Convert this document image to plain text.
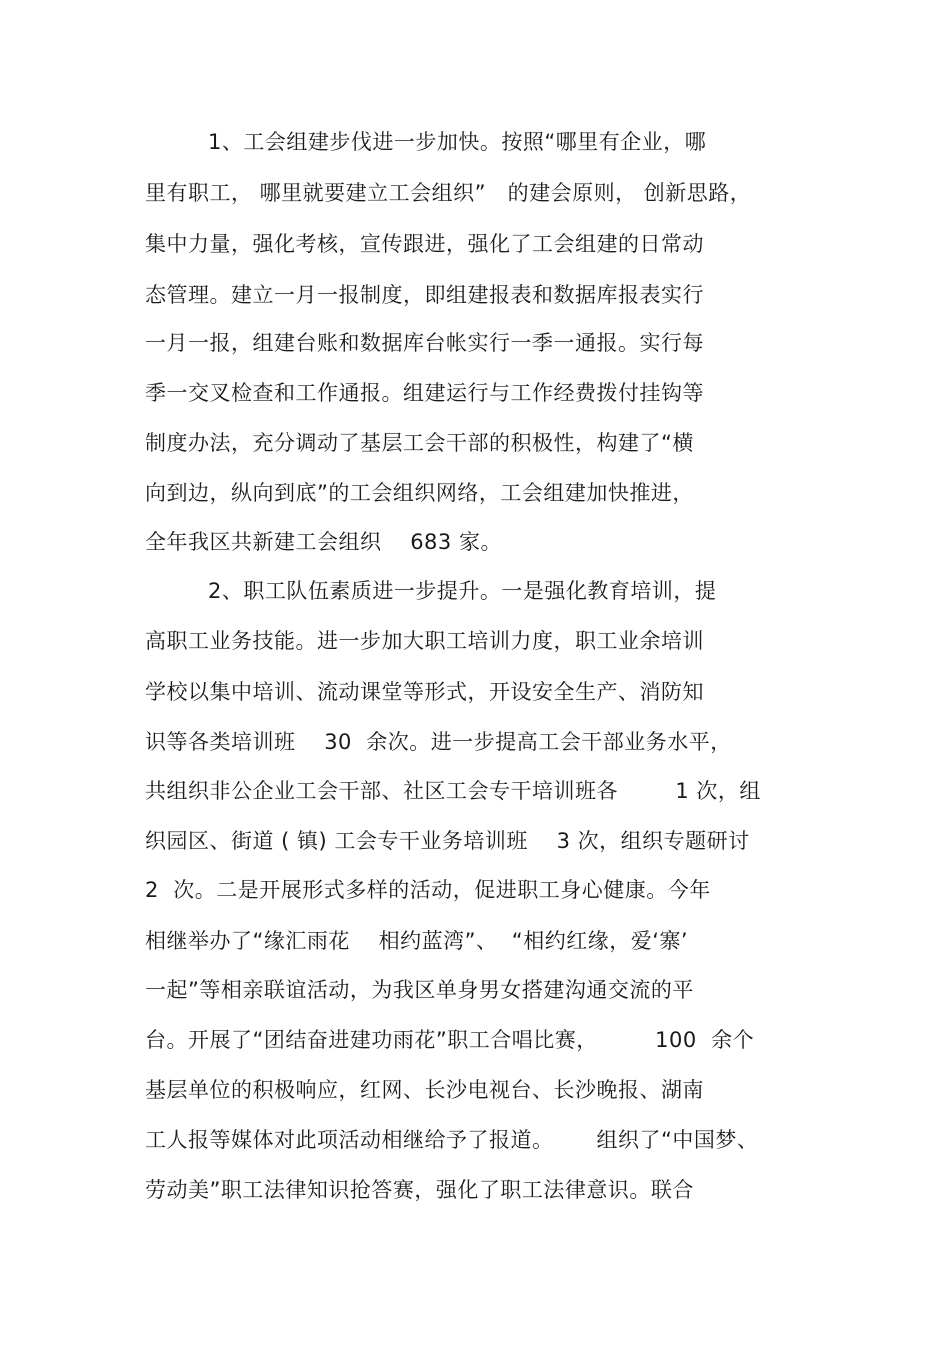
1、工会组建步伐进一步加快。按照“哪里有企业，哪
里有职工， 哪里就要建立工会组织”   的建会原则， 创新思路，
集中力量，强化考核，宣传跟进，强化了工会组建的日常动
态管理。建立一月一报制度，即组建报表和数据库报表实行
一月一报，组建台账和数据库台帐实行一季一通报。实行每
季一交叉检查和工作通报。组建运行与工作经费拨付挂钩等
制度办法，充分调动了基层工会干部的积极性，构建了“横
向到边，纵向到底”的工会组织网络，工会组建加快推进，
全年我区共新建工会组织    683 家。
2、职工队伍素质进一步提升。一是强化教育培训，提
高职工业务技能。进一步加大职工培训力度，职工业余培训
学校以集中培训、流动课堂等形式，开设安全生产、消防知
识等各类培训班    30  余次。进一步提高工会干部业务水平，
共组织非公企业工会干部、社区工会专干培训班各        1 次，组
织园区、街道 ( 镇) 工会专干业务培训班    3 次，组织专题研讨
2  次。二是开展形式多样的活动，促进职工身心健康。今年
相继举办了“缘汇雨花    相约蓝湾”、  “相约红缘，爱‘寨’
一起”等相亲联谊活动，为我区单身男女搭建沟通交流的平
台。开展了“团结奋进建功雨花”职工合唱比赛，        100  余个
基层单位的积极响应，红网、长沙电视台、长沙晚报、湖南
工人报等媒体对此项活动相继给予了报道。      组织了“中国梦、
劳动美”职工法律知识抢答赛，强化了职工法律意识。联合
